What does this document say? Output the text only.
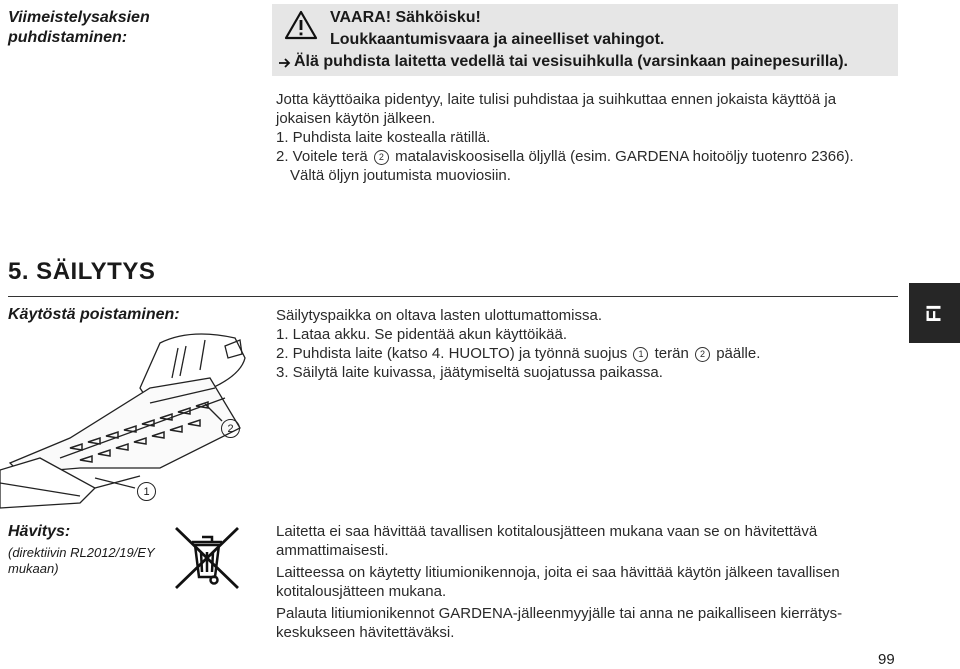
Viimeistelysaksien
puhdistaminen:
VAARA! Sähköisku!
Loukkaantumisvaara ja aineelliset vahingot.
Älä puhdista laitetta vedellä tai vesisuihkulla (varsinkaan painepesurilla).

Jotta käyttöaika pidentyy, laite tulisi puhdistaa ja suihkuttaa ennen jokaista käyttöä ja

jokaisen käytön jälkeen.

1. Puhdista laite kostealla rätillä.

2. Voitele terä 2 matalaviskoosisella öljyllä (esim. GARDENA hoitoöljy tuotenro 2366).

Vältä öljyn joutumista muoviosiin.

5. SÄILYTYS
Käytöstä poistaminen:	Säilytyspaikka on oltava lasten ulottumattomissa.

1. Lataa akku. Se pidentää akun käyttöikää.

2. Puhdista laite (katso 4. HUOLTO) ja työnnä suojus 1 terän 2 päälle.

3. Säilytä laite kuivassa, jäätymiseltä suojatussa paikassa.

2
1
Hävitys:
(direktiivin RL2012/19/EY
mukaan)

Laitetta ei saa hävittää tavallisen kotitalousjätteen mukana vaan se on hävitettävä

ammattimaisesti.

Laitteessa on käytetty litiumionikennoja, joita ei saa hävittää käytön jälkeen tavallisen

kotitalousjätteen mukana.

Palauta litiumionikennot GARDENA-jälleenmyyjälle tai anna ne paikalliseen kierrätys-

keskukseen hävitettäväksi.

FI
99
